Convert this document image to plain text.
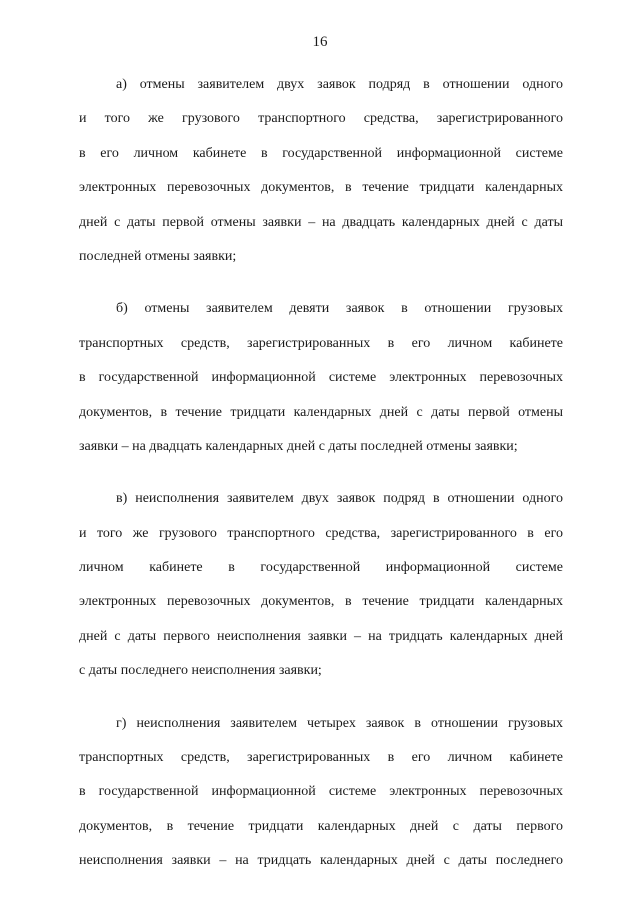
16
а) отмены заявителем двух заявок подряд в отношении одного
и того же грузового транспортного средства, зарегистрированного
в его личном кабинете в государственной информационной системе
электронных перевозочных документов, в течение тридцати календарных
дней с даты первой отмены заявки – на двадцать календарных дней с даты
последней отмены заявки;
б) отмены заявителем девяти заявок в отношении грузовых
транспортных средств, зарегистрированных в его личном кабинете
в государственной информационной системе электронных перевозочных
документов, в течение тридцати календарных дней с даты первой отмены
заявки – на двадцать календарных дней с даты последней отмены заявки;
в) неисполнения заявителем двух заявок подряд в отношении одного
и того же грузового транспортного средства, зарегистрированного в его
личном кабинете в государственной информационной системе
электронных перевозочных документов, в течение тридцати календарных
дней с даты первого неисполнения заявки – на тридцать календарных дней
с даты последнего неисполнения заявки;
г) неисполнения заявителем четырех заявок в отношении грузовых
транспортных средств, зарегистрированных в его личном кабинете
в государственной информационной системе электронных перевозочных
документов, в течение тридцати календарных дней с даты первого
неисполнения заявки – на тридцать календарных дней с даты последнего
